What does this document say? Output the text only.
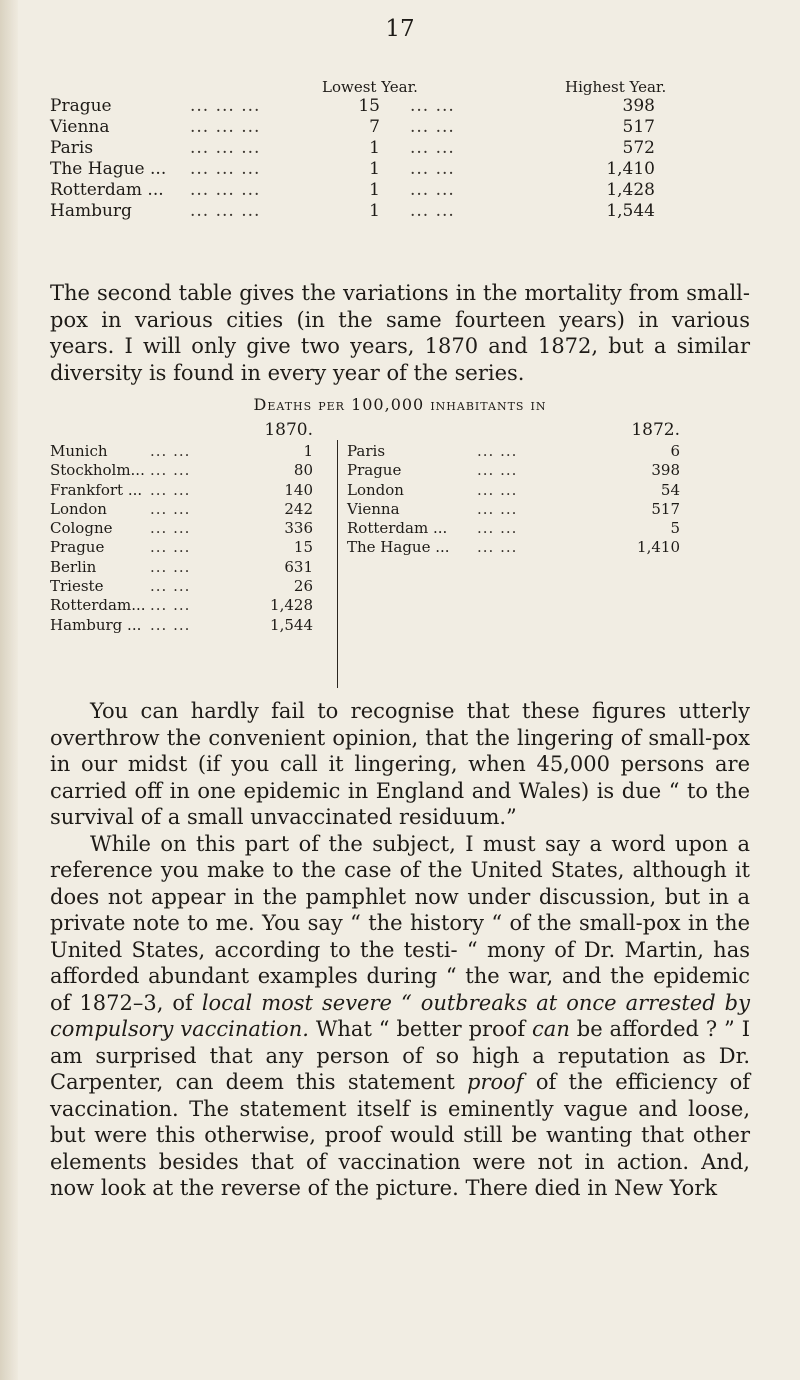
17
Lowest Year.	Highest Year.
Prague	... ... ...	15 ... ...	398
Vienna	... ... ...	7 ... ...	517
Paris	... ... ...	1 ... ...	572
The Hague ... ... ... ...	1 ... ...	1,410
Rotterdam ... ... ... ...	1 ... ...	1,428
Hamburg	... ... ...	1 ... ...	1,544
The second table gives the variations in the mortality from small-pox in various cities (in the same fourteen years) in various years. I will only give two years, 1870 and 1872, but a similar diversity is found in every year of the series.
Deaths per 100,000 inhabitants in
1870.
Munich	... ...	1
Stockholm... ... ...	80
Frankfort ... ... ...	140
London	... ...	242
Cologne	... ...	336
Prague	... ...	15
Berlin	... ...	631
Trieste	... ...	26
Rotterdam... ... ...	1,428
Hamburg ... ... ...	1,544
1872.
Paris	... ...	6
Prague	... ...	398
London	... ...	54
Vienna	... ...	517
Rotterdam ... ... ...	5
The Hague ... ... ...	1,410

You can hardly fail to recognise that these figures utterly overthrow the convenient opinion, that the lingering of small-pox in our midst (if you call it lingering, when 45,000 persons are carried off in one epidemic in England and Wales) is due “ to the survival of a small unvaccinated residuum.”

While on this part of the subject, I must say a word upon a reference you make to the case of the United States, although it does not appear in the pamphlet now under discussion, but in a private note to me. You say “ the history “ of the small-pox in the United States, according to the testi- “ mony of Dr. Martin, has afforded abundant examples during “ the war, and the epidemic of 1872–3, of local most severe “ outbreaks at once arrested by compulsory vaccination. What “ better proof can be afforded ? ” I am surprised that any person of so high a reputation as Dr. Carpenter, can deem this statement proof of the efficiency of vaccination. The statement itself is eminently vague and loose, but were this otherwise, proof would still be wanting that other elements besides that of vaccination were not in action. And, now look at the reverse of the picture. There died in New York
